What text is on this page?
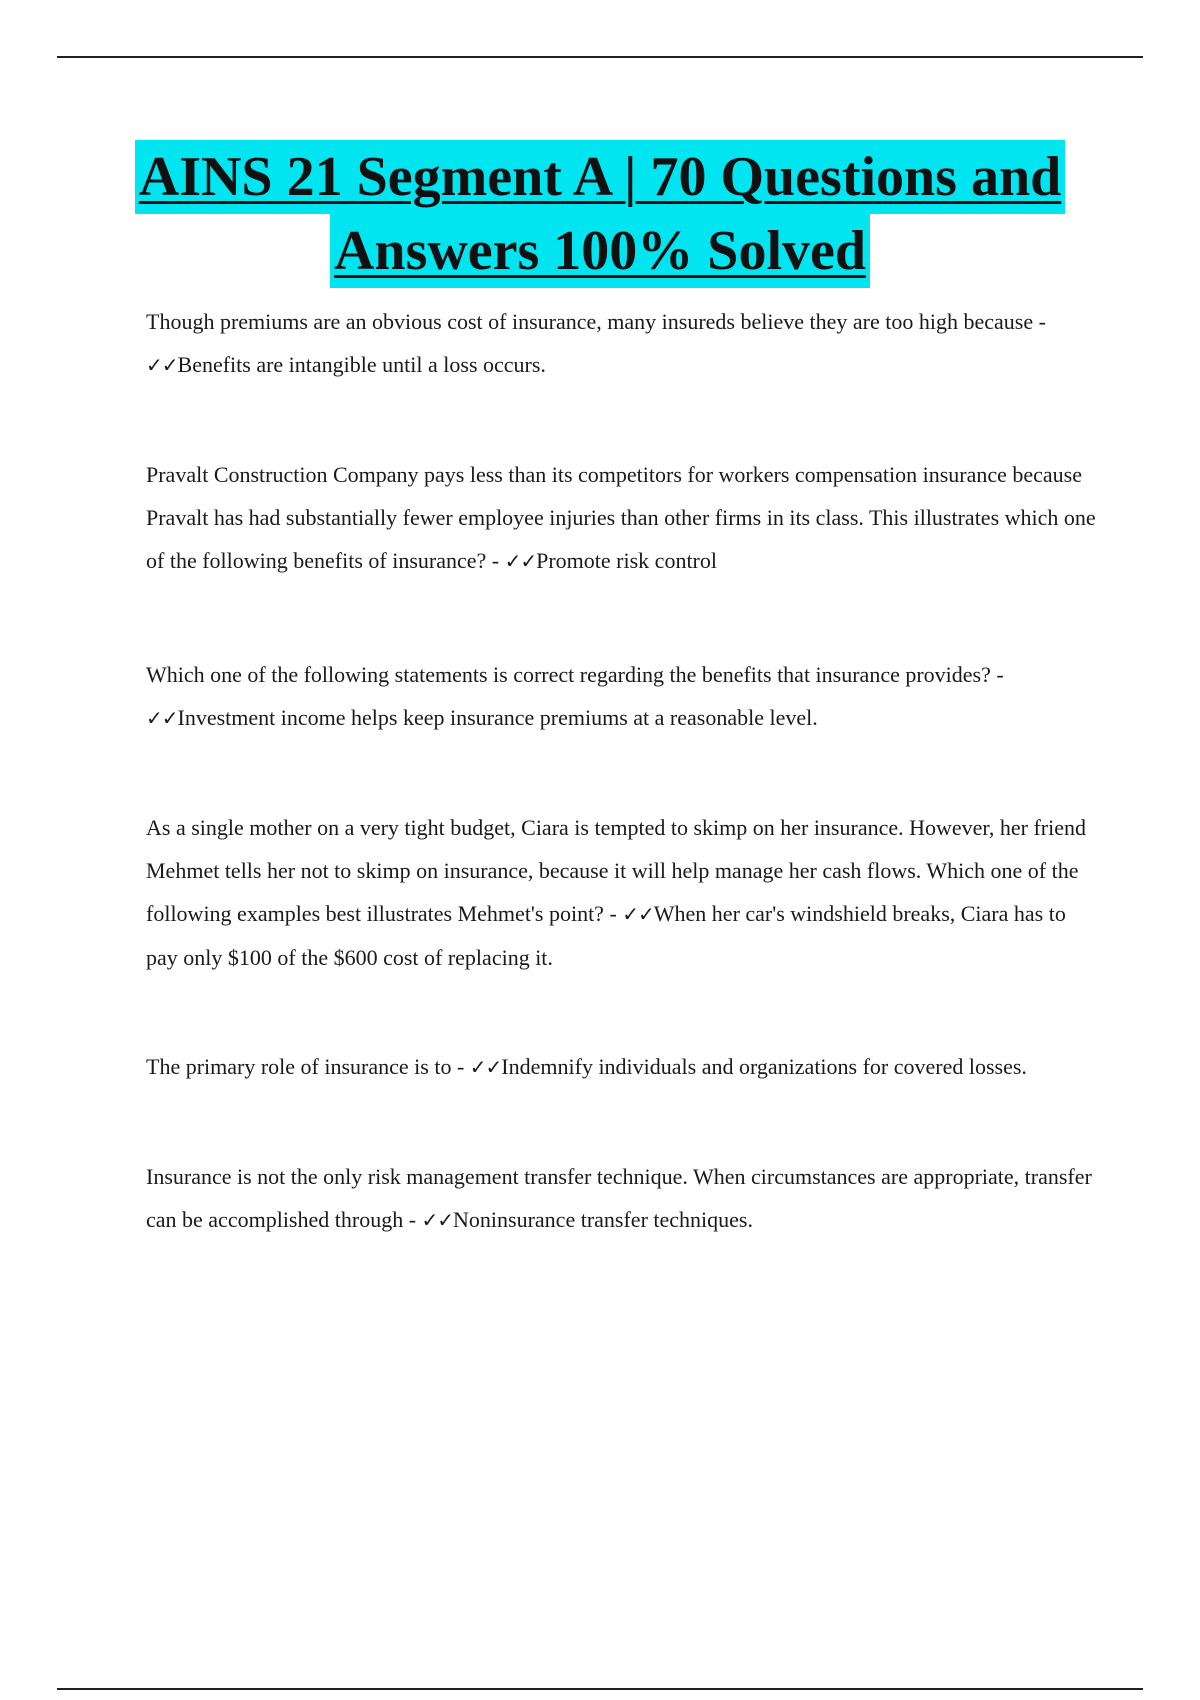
AINS 21 Segment A | 70 Questions and
Answers 100% Solved

Though premiums are an obvious cost of insurance, many insureds believe they are too high because - ✓✓Benefits are intangible until a loss occurs.

Pravalt Construction Company pays less than its competitors for workers compensation insurance because Pravalt has had substantially fewer employee injuries than other firms in its class. This illustrates which one of the following benefits of insurance? - ✓✓Promote risk control

Which one of the following statements is correct regarding the benefits that insurance provides? - ✓✓Investment income helps keep insurance premiums at a reasonable level.

As a single mother on a very tight budget, Ciara is tempted to skimp on her insurance. However, her friend Mehmet tells her not to skimp on insurance, because it will help manage her cash flows. Which one of the following examples best illustrates Mehmet's point? - ✓✓When her car's windshield breaks, Ciara has to pay only $100 of the $600 cost of replacing it.

The primary role of insurance is to - ✓✓Indemnify individuals and organizations for covered losses.

Insurance is not the only risk management transfer technique. When circumstances are appropriate, transfer can be accomplished through - ✓✓Noninsurance transfer techniques.
